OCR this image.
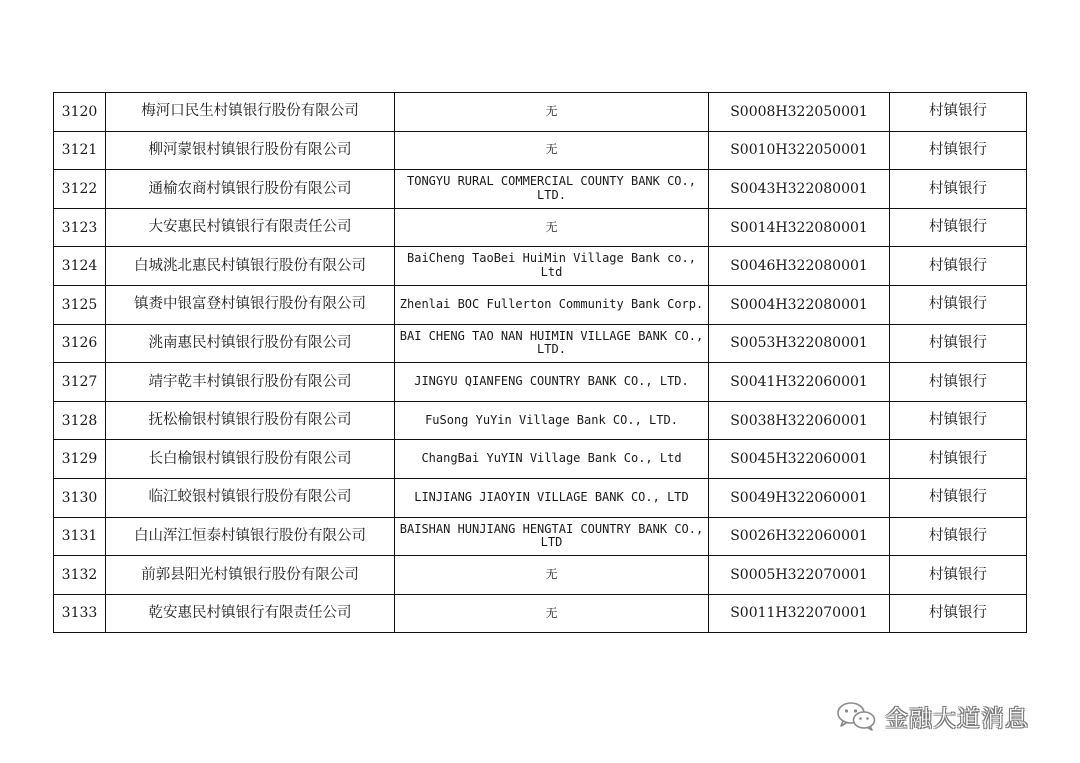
3120	梅河口民生村镇银行股份有限公司	无	S0008H322050001	村镇银行
3121	柳河蒙银村镇银行股份有限公司	无	S0010H322050001	村镇银行
3122	通榆农商村镇银行股份有限公司	TONGYU RURAL COMMERCIAL COUNTY BANK CO., LTD.	S0043H322080001	村镇银行
3123	大安惠民村镇银行有限责任公司	无	S0014H322080001	村镇银行
3124	白城洮北惠民村镇银行股份有限公司	BaiCheng TaoBei HuiMin Village Bank co., Ltd	S0046H322080001	村镇银行
3125	镇赉中银富登村镇银行股份有限公司	Zhenlai BOC Fullerton Community Bank Corp.	S0004H322080001	村镇银行
3126	洮南惠民村镇银行股份有限公司	BAI CHENG TAO NAN HUIMIN VILLAGE BANK CO., LTD.	S0053H322080001	村镇银行
3127	靖宇乾丰村镇银行股份有限公司	JINGYU QIANFENG COUNTRY BANK CO., LTD.	S0041H322060001	村镇银行
3128	抚松榆银村镇银行股份有限公司	FuSong YuYin Village Bank CO., LTD.	S0038H322060001	村镇银行
3129	长白榆银村镇银行股份有限公司	ChangBai YuYIN Village Bank Co., Ltd	S0045H322060001	村镇银行
3130	临江蛟银村镇银行股份有限公司	LINJIANG JIAOYIN VILLAGE BANK CO., LTD	S0049H322060001	村镇银行
3131	白山浑江恒泰村镇银行股份有限公司	BAISHAN HUNJIANG HENGTAI COUNTRY BANK CO., LTD	S0026H322060001	村镇银行
3132	前郭县阳光村镇银行股份有限公司	无	S0005H322070001	村镇银行
3133	乾安惠民村镇银行有限责任公司	无	S0011H322070001	村镇银行
金融大道消息
